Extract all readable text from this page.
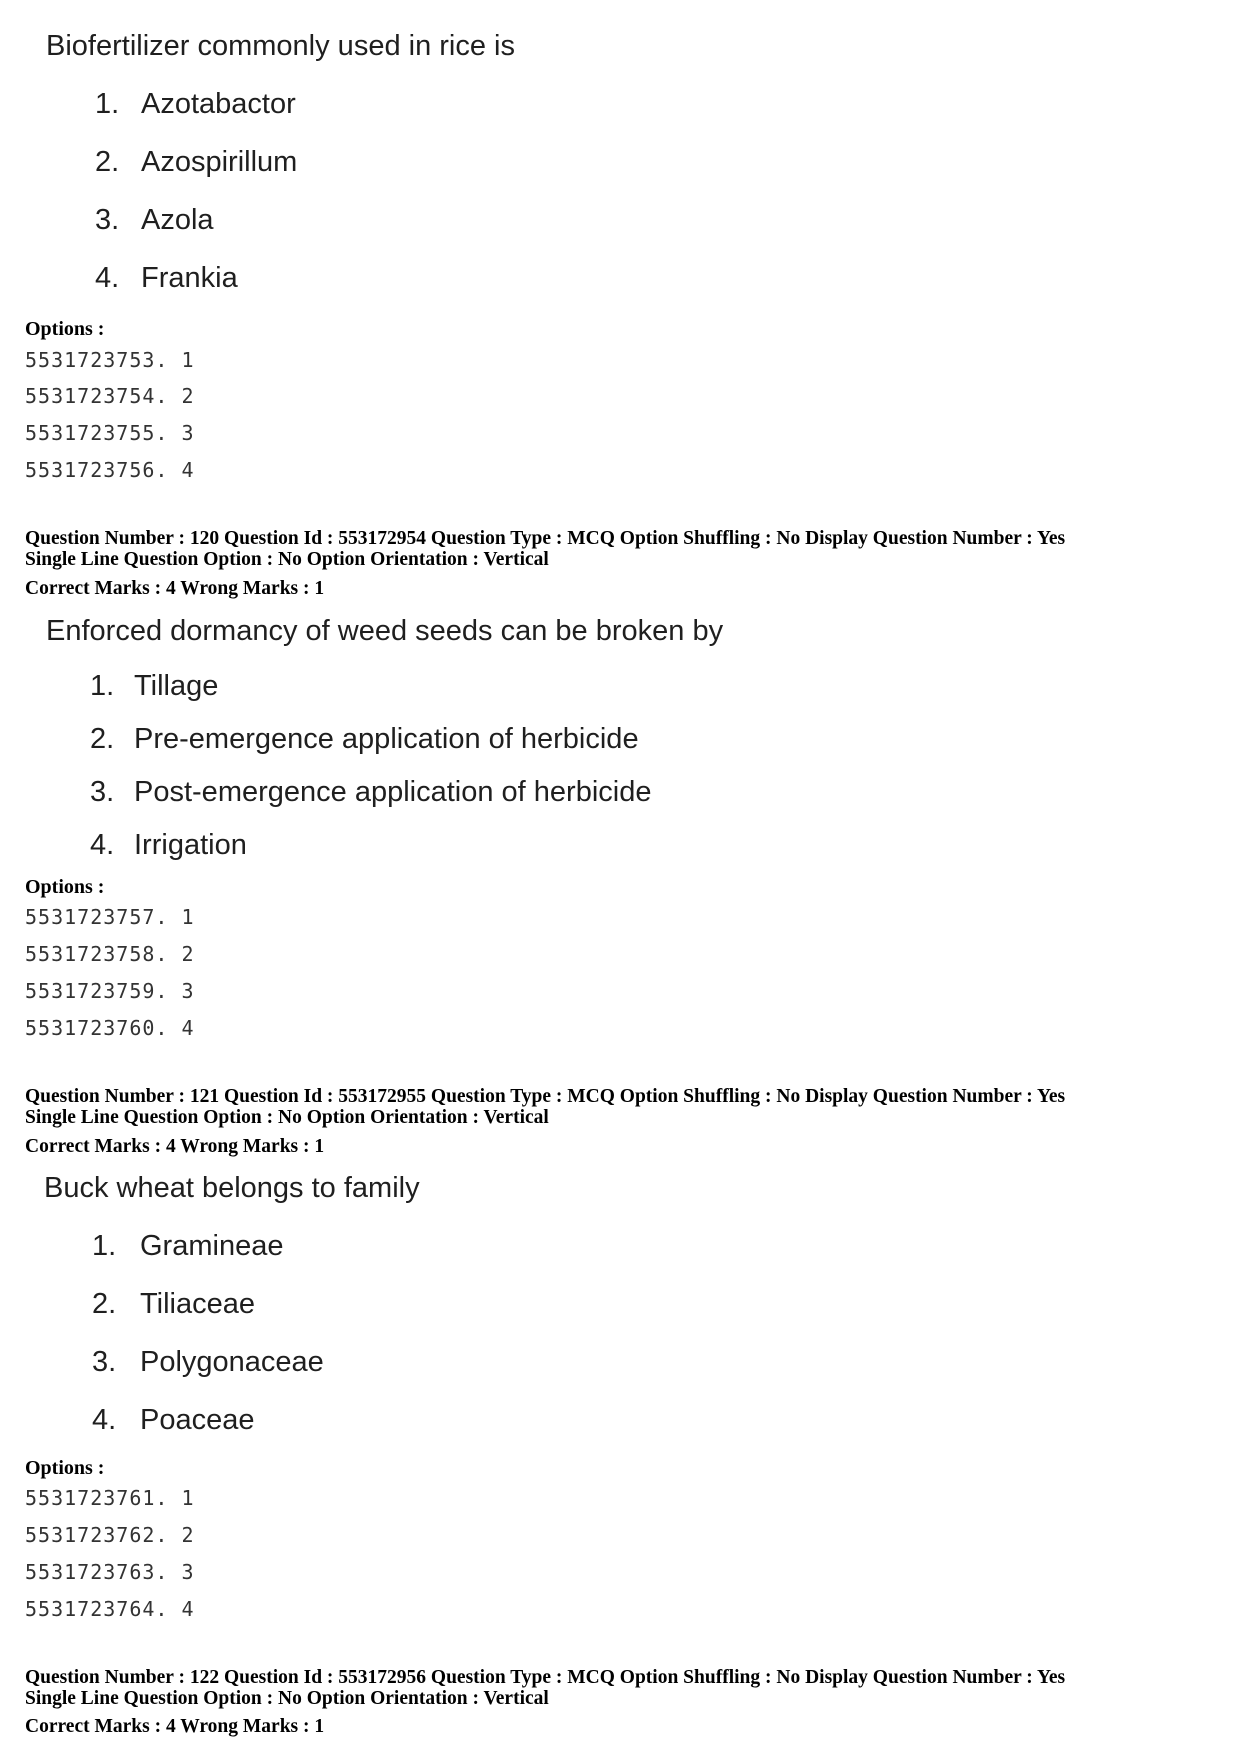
Biofertilizer commonly used in rice is
1. Azotabactor
2. Azospirillum
3. Azola
4. Frankia
Options :
5531723753. 1
5531723754. 2
5531723755. 3
5531723756. 4
Question Number : 120 Question Id : 553172954 Question Type : MCQ Option Shuffling : No Display Question Number : Yes
Single Line Question Option : No Option Orientation : Vertical
Correct Marks : 4 Wrong Marks : 1
Enforced dormancy of weed seeds can be broken by
1. Tillage
2. Pre-emergence application of herbicide
3. Post-emergence application of herbicide
4. Irrigation
Options :
5531723757. 1
5531723758. 2
5531723759. 3
5531723760. 4
Question Number : 121 Question Id : 553172955 Question Type : MCQ Option Shuffling : No Display Question Number : Yes
Single Line Question Option : No Option Orientation : Vertical
Correct Marks : 4 Wrong Marks : 1
Buck wheat belongs to family
1. Gramineae
2. Tiliaceae
3. Polygonaceae
4. Poaceae
Options :
5531723761. 1
5531723762. 2
5531723763. 3
5531723764. 4
Question Number : 122 Question Id : 553172956 Question Type : MCQ Option Shuffling : No Display Question Number : Yes
Single Line Question Option : No Option Orientation : Vertical
Correct Marks : 4 Wrong Marks : 1
